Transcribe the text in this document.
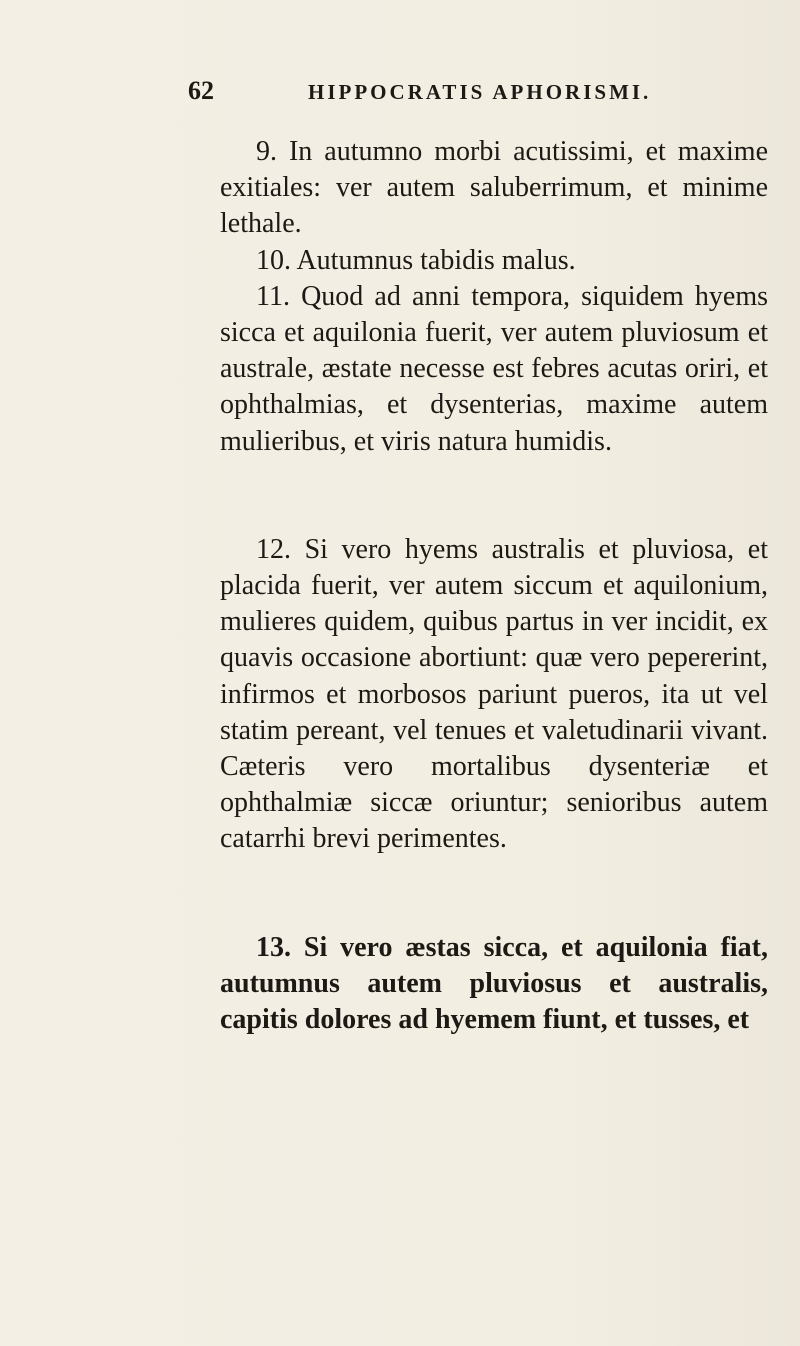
62	HIPPOCRATIS APHORISMI.

9. In autumno morbi acutissimi, et maxime exitiales: ver autem saluberrimum, et minime lethale.

10. Autumnus tabidis malus.

11. Quod ad anni tempora, siquidem hyems sicca et aquilonia fuerit, ver autem pluviosum et australe, æstate necesse est febres acutas oriri, et ophthalmias, et dysenterias, maxime autem mulieribus, et viris natura humidis.

12. Si vero hyems australis et pluviosa, et placida fuerit, ver autem siccum et aquilonium, mulieres quidem, quibus partus in ver incidit, ex quavis occasione abortiunt: quæ vero pepererint, infirmos et morbosos pariunt pueros, ita ut vel statim pereant, vel tenues et valetudinarii vivant. Cæteris vero mortalibus dysenteriæ et ophthalmiæ siccæ oriuntur; senioribus autem catarrhi brevi perimentes.

13. Si vero æstas sicca, et aquilonia fiat, autumnus autem pluviosus et australis, capitis dolores ad hyemem fiunt, et tusses, et
